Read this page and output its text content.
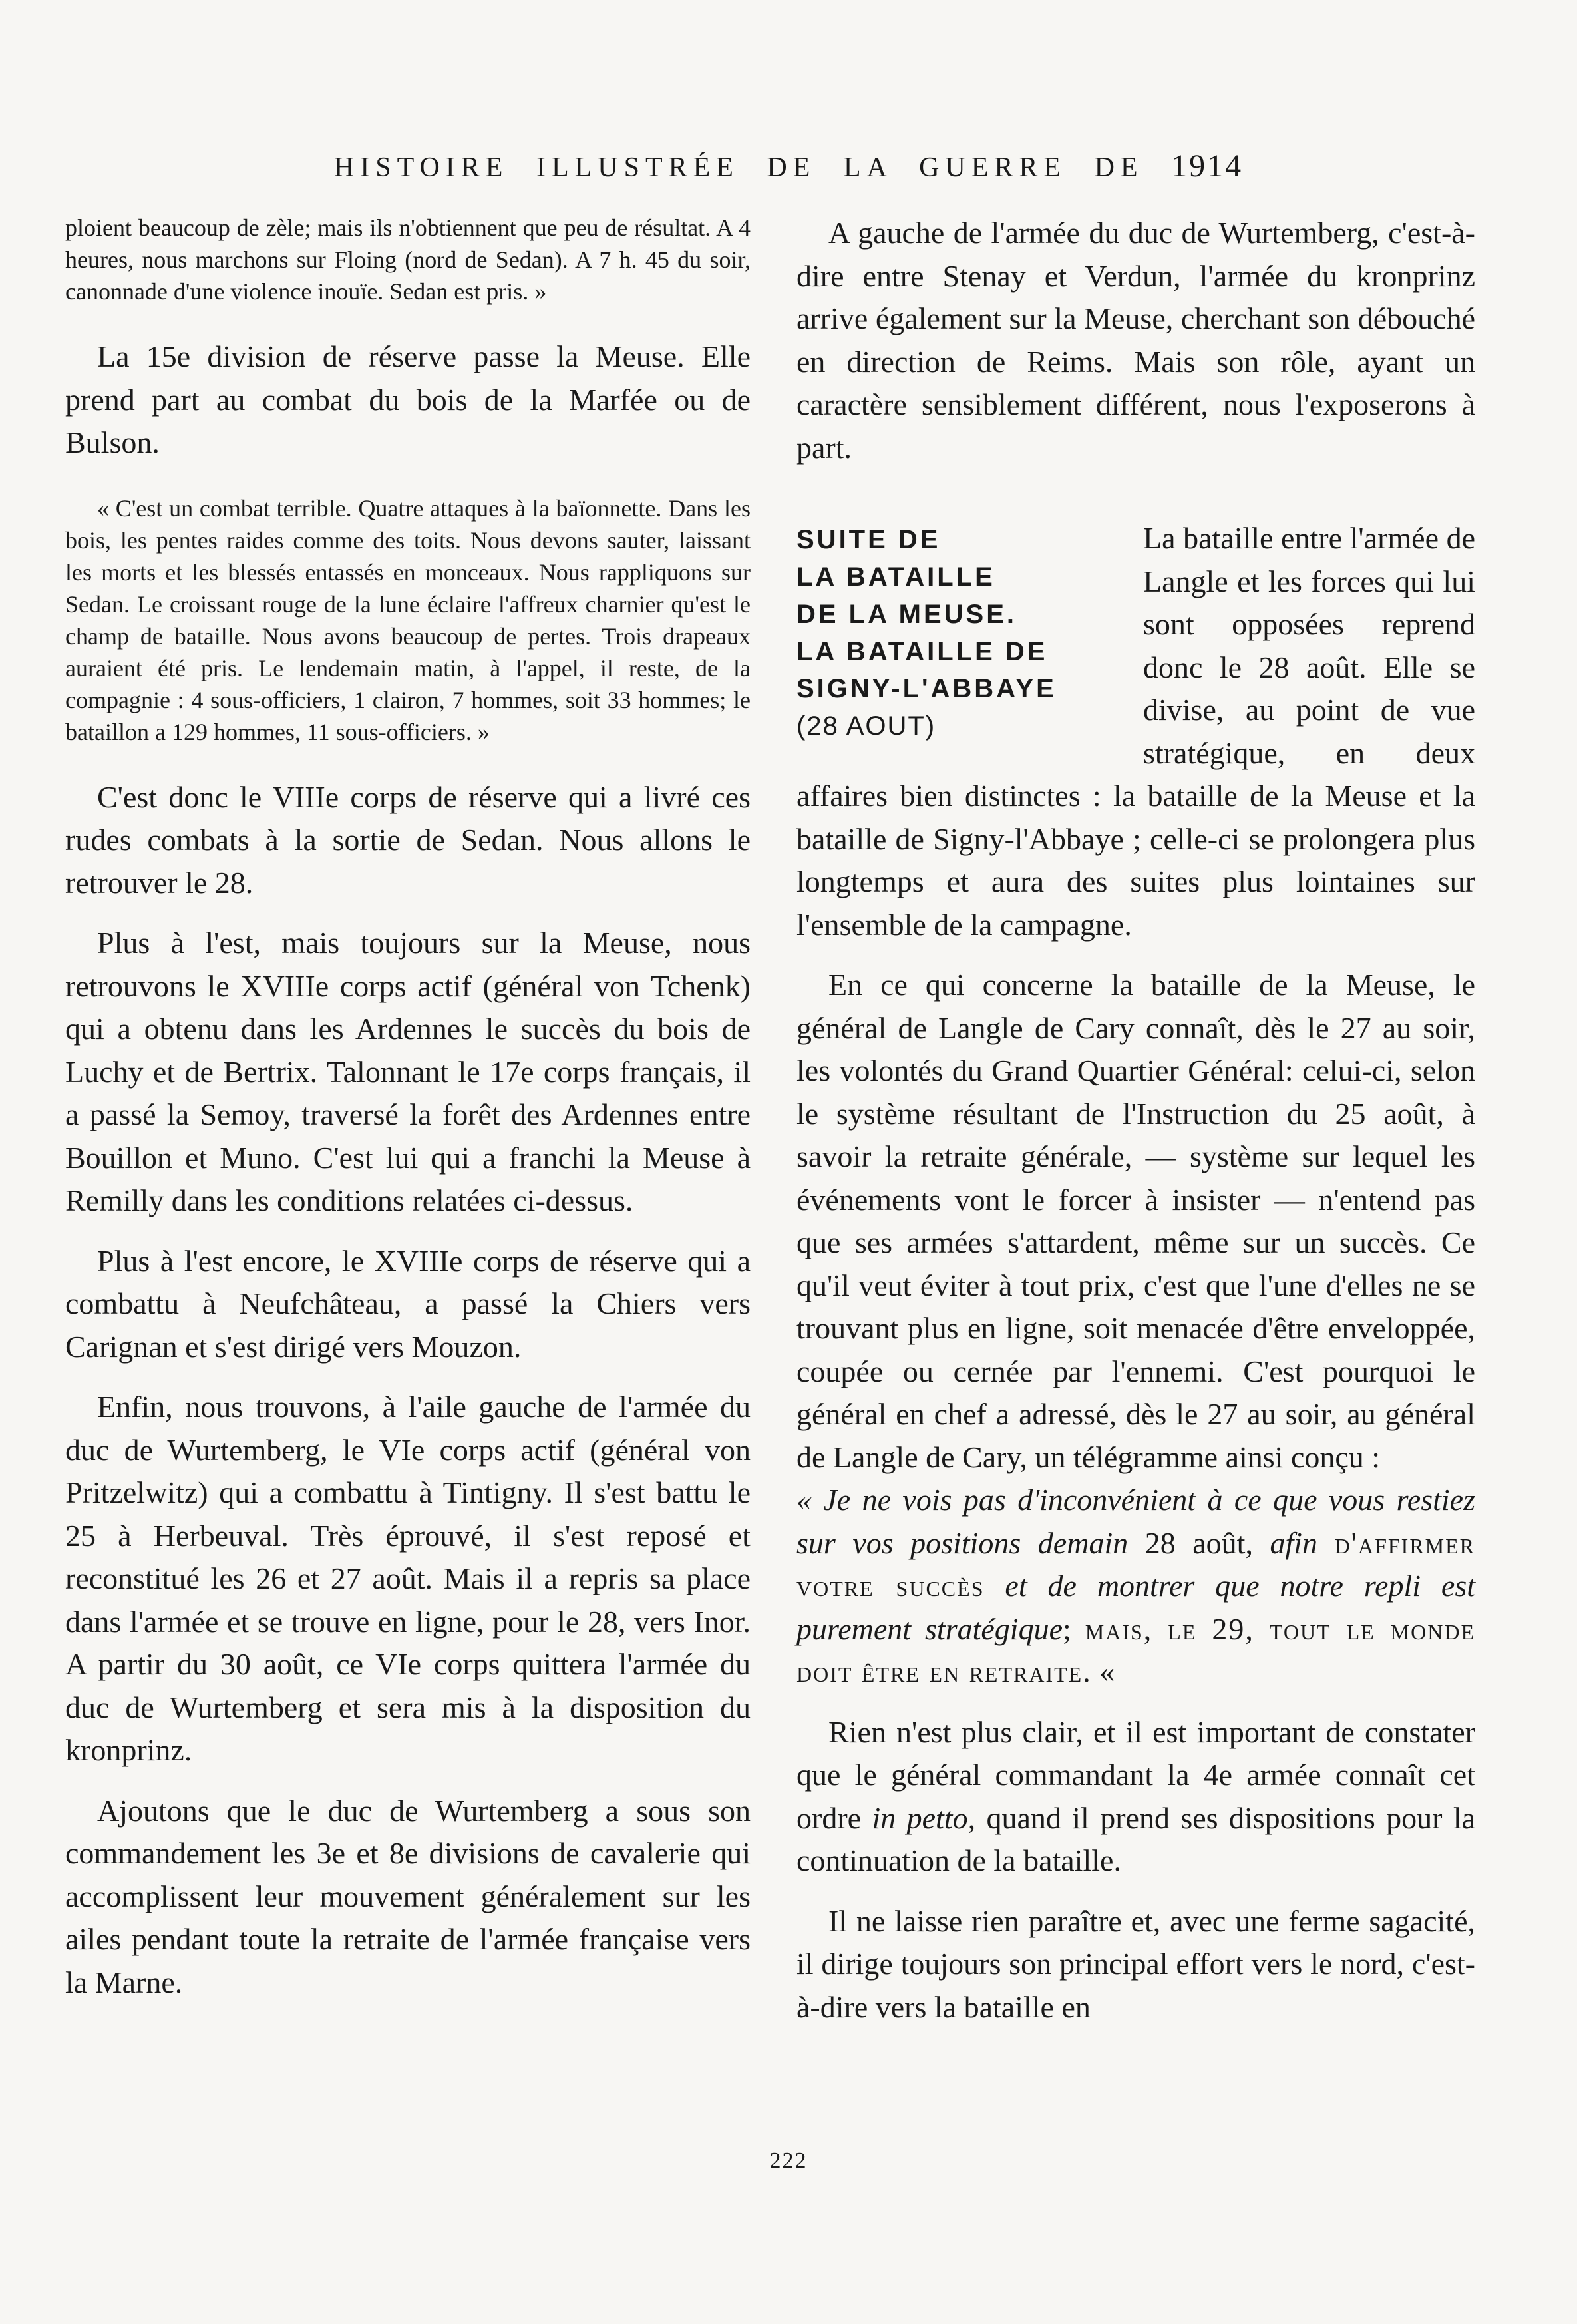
HISTOIRE ILLUSTRÉE DE LA GUERRE DE 1914

ploient beaucoup de zèle; mais ils n'obtiennent que peu de résultat. A 4 heures, nous marchons sur Floing (nord de Sedan). A 7 h. 45 du soir, canonnade d'une violence inouïe. Sedan est pris. »

La 15e division de réserve passe la Meuse. Elle prend part au combat du bois de la Marfée ou de Bulson.

« C'est un combat terrible. Quatre attaques à la baïonnette. Dans les bois, les pentes raides comme des toits. Nous devons sauter, laissant les morts et les blessés entassés en monceaux. Nous rappliquons sur Sedan. Le croissant rouge de la lune éclaire l'affreux charnier qu'est le champ de bataille. Nous avons beaucoup de pertes. Trois drapeaux auraient été pris. Le lendemain matin, à l'appel, il reste, de la compagnie : 4 sous-officiers, 1 clairon, 7 hommes, soit 33 hommes; le bataillon a 129 hommes, 11 sous-officiers. »

C'est donc le VIIIe corps de réserve qui a livré ces rudes combats à la sortie de Sedan. Nous allons le retrouver le 28.

Plus à l'est, mais toujours sur la Meuse, nous retrouvons le XVIIIe corps actif (général von Tchenk) qui a obtenu dans les Ardennes le succès du bois de Luchy et de Bertrix. Talonnant le 17e corps français, il a passé la Semoy, traversé la forêt des Ardennes entre Bouillon et Muno. C'est lui qui a franchi la Meuse à Remilly dans les conditions relatées ci-dessus.

Plus à l'est encore, le XVIIIe corps de réserve qui a combattu à Neufchâteau, a passé la Chiers vers Carignan et s'est dirigé vers Mouzon.

Enfin, nous trouvons, à l'aile gauche de l'armée du duc de Wurtemberg, le VIe corps actif (général von Pritzelwitz) qui a combattu à Tintigny. Il s'est battu le 25 à Herbeuval. Très éprouvé, il s'est reposé et reconstitué les 26 et 27 août. Mais il a repris sa place dans l'armée et se trouve en ligne, pour le 28, vers Inor. A partir du 30 août, ce VIe corps quittera l'armée du duc de Wurtemberg et sera mis à la disposition du kronprinz.

Ajoutons que le duc de Wurtemberg a sous son commandement les 3e et 8e divisions de cavalerie qui accomplissent leur mouvement généralement sur les ailes pendant toute la retraite de l'armée française vers la Marne.

A gauche de l'armée du duc de Wurtemberg, c'est-à-dire entre Stenay et Verdun, l'armée du kronprinz arrive également sur la Meuse, cherchant son débouché en direction de Reims. Mais son rôle, ayant un caractère sensiblement différent, nous l'exposerons à part.

SUITE DE
LA BATAILLE
DE LA MEUSE.
LA BATAILLE DE
SIGNY-L'ABBAYE
(28 AOUT)

La bataille entre l'armée de Langle et les forces qui lui sont opposées reprend donc le 28 août. Elle se divise, au point de vue stratégique, en deux affaires bien distinctes : la bataille de la Meuse et la bataille de Signy-l'Abbaye ; celle-ci se prolongera plus longtemps et aura des suites plus lointaines sur l'ensemble de la campagne.

En ce qui concerne la bataille de la Meuse, le général de Langle de Cary connaît, dès le 27 au soir, les volontés du Grand Quartier Général: celui-ci, selon le système résultant de l'Instruction du 25 août, à savoir la retraite générale, — système sur lequel les événements vont le forcer à insister — n'entend pas que ses armées s'attardent, même sur un succès. Ce qu'il veut éviter à tout prix, c'est que l'une d'elles ne se trouvant plus en ligne, soit menacée d'être enveloppée, coupée ou cernée par l'ennemi. C'est pourquoi le général en chef a adressé, dès le 27 au soir, au général de Langle de Cary, un télégramme ainsi conçu :

« Je ne vois pas d'inconvénient à ce que vous restiez sur vos positions demain 28 août, afin d'affirmer votre succès et de montrer que notre repli est purement stratégique; mais, le 29, tout le monde doit être en retraite. «

Rien n'est plus clair, et il est important de constater que le général commandant la 4e armée connaît cet ordre in petto, quand il prend ses dispositions pour la continuation de la bataille.

Il ne laisse rien paraître et, avec une ferme sagacité, il dirige toujours son principal effort vers le nord, c'est-à-dire vers la bataille en

222
